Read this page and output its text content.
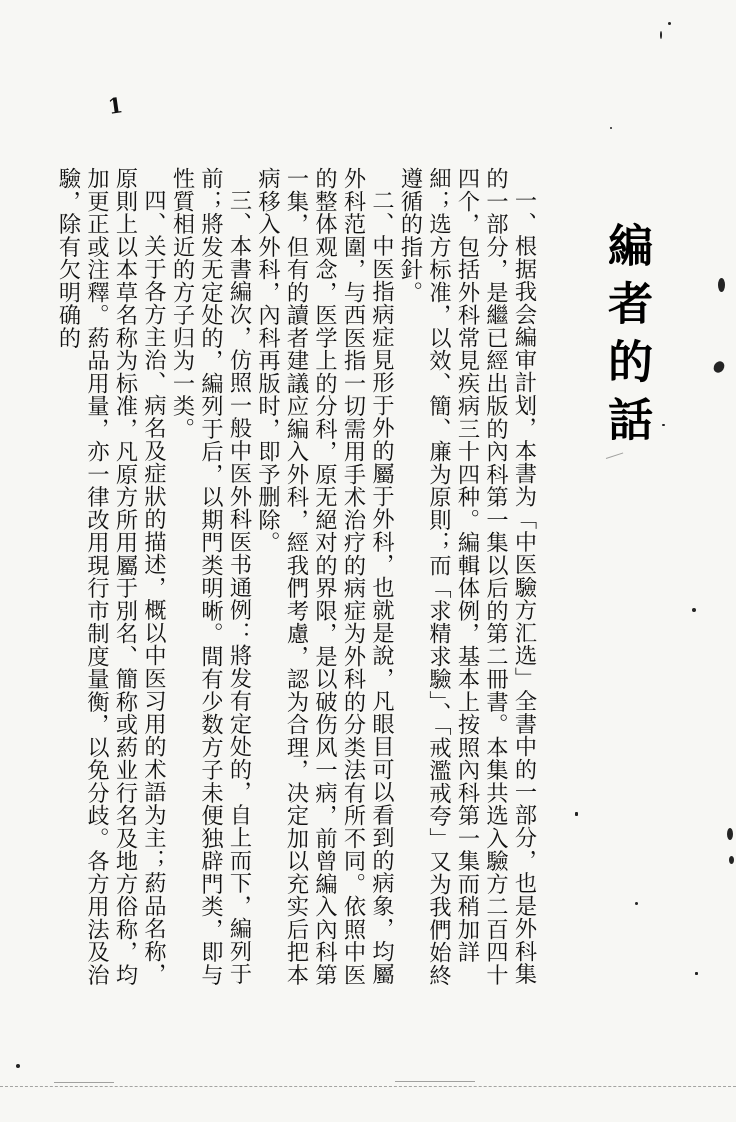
1
編者的話

一、根据我会編审計划，本書为「中医驗方汇选」全書中的一部分，也是外科集的一部分，是繼已經出版的內科第一集以后的第二冊書。本集共选入驗方二百四十四个，包括外科常見疾病三十四种。編輯体例，基本上按照內科第一集而稍加詳細；选方标准，以效、簡、廉为原則；而「求精求驗」、「戒濫戒夸」又为我們始終遵循的指針。

二、中医指病症見形于外的屬于外科，也就是說，凡眼目可以看到的病象，均屬外科范圍，与西医指一切需用手术治疗的病症为外科的分类法有所不同。依照中医的整体观念，医学上的分科，原无絕对的界限，是以破伤风一病，前曾編入內科第一集，但有的讀者建議应編入外科，經我們考慮，認为合理，决定加以充实后把本病移入外科，內科再版时，即予删除。

三、本書編次，仿照一般中医外科医书通例：將发有定处的，自上而下，編列于前；將发无定处的，編列于后，以期門类明晰。間有少数方子未便独辟門类，即与性質相近的方子归为一类。

四、关于各方主治、病名及症狀的描述，概以中医习用的术語为主；葯品名称，原則上以本草名称为标准，凡原方所用屬于別名、簡称或葯业行名及地方俗称，均加更正或注釋。葯品用量，亦一律改用現行市制度量衡，以免分歧。各方用法及治驗，除有欠明确的
